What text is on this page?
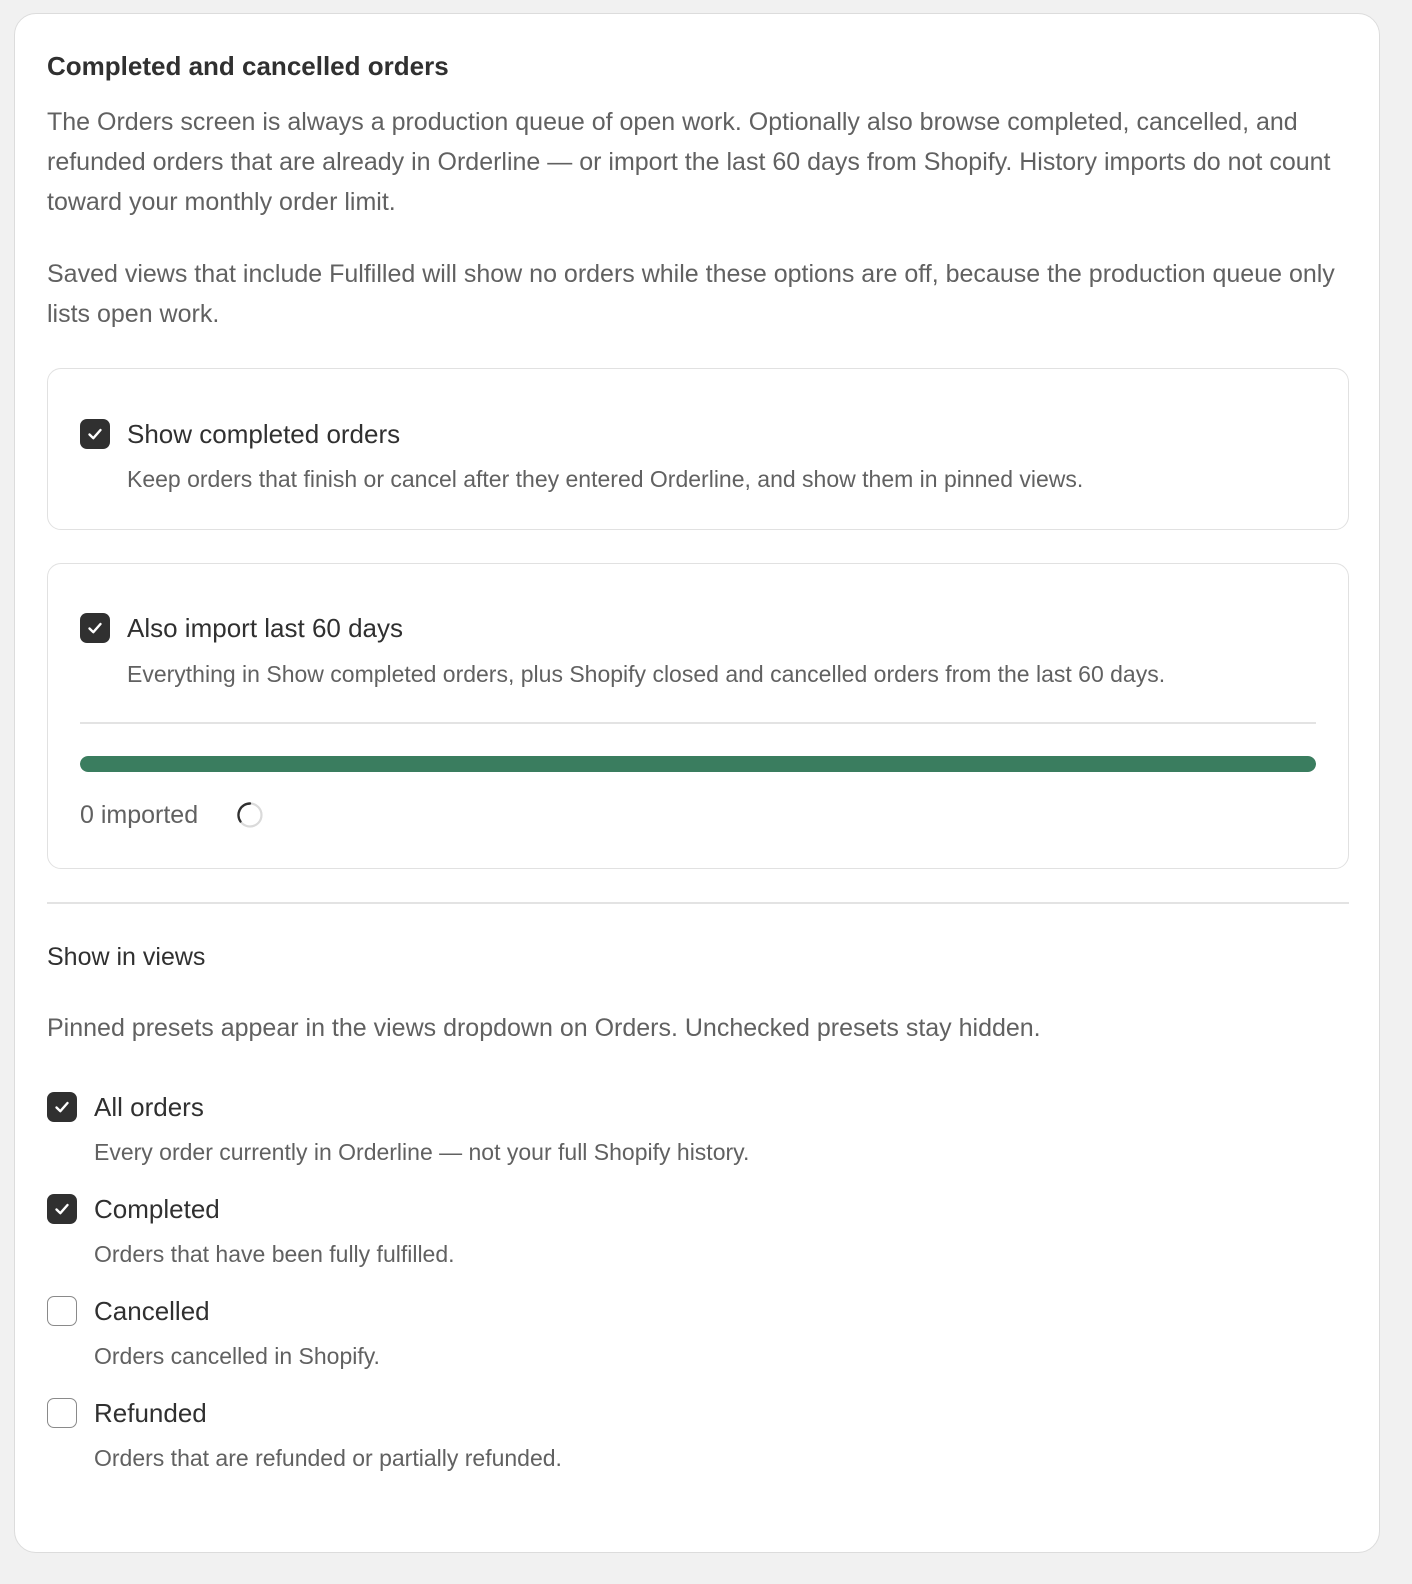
Completed and cancelled orders

The Orders screen is always a production queue of open work. Optionally also browse completed, cancelled, and refunded orders that are already in Orderline — or import the last 60 days from Shopify. History imports do not count toward your monthly order limit.

Saved views that include Fulfilled will show no orders while these options are off, because the production queue only lists open work.

Show completed orders
Keep orders that finish or cancel after they entered Orderline, and show them in pinned views.
Also import last 60 days
Everything in Show completed orders, plus Shopify closed and cancelled orders from the last 60 days.
0 imported
Show in views

Pinned presets appear in the views dropdown on Orders. Unchecked presets stay hidden.

All orders
Every order currently in Orderline — not your full Shopify history.
Completed
Orders that have been fully fulfilled.
Cancelled
Orders cancelled in Shopify.
Refunded
Orders that are refunded or partially refunded.
